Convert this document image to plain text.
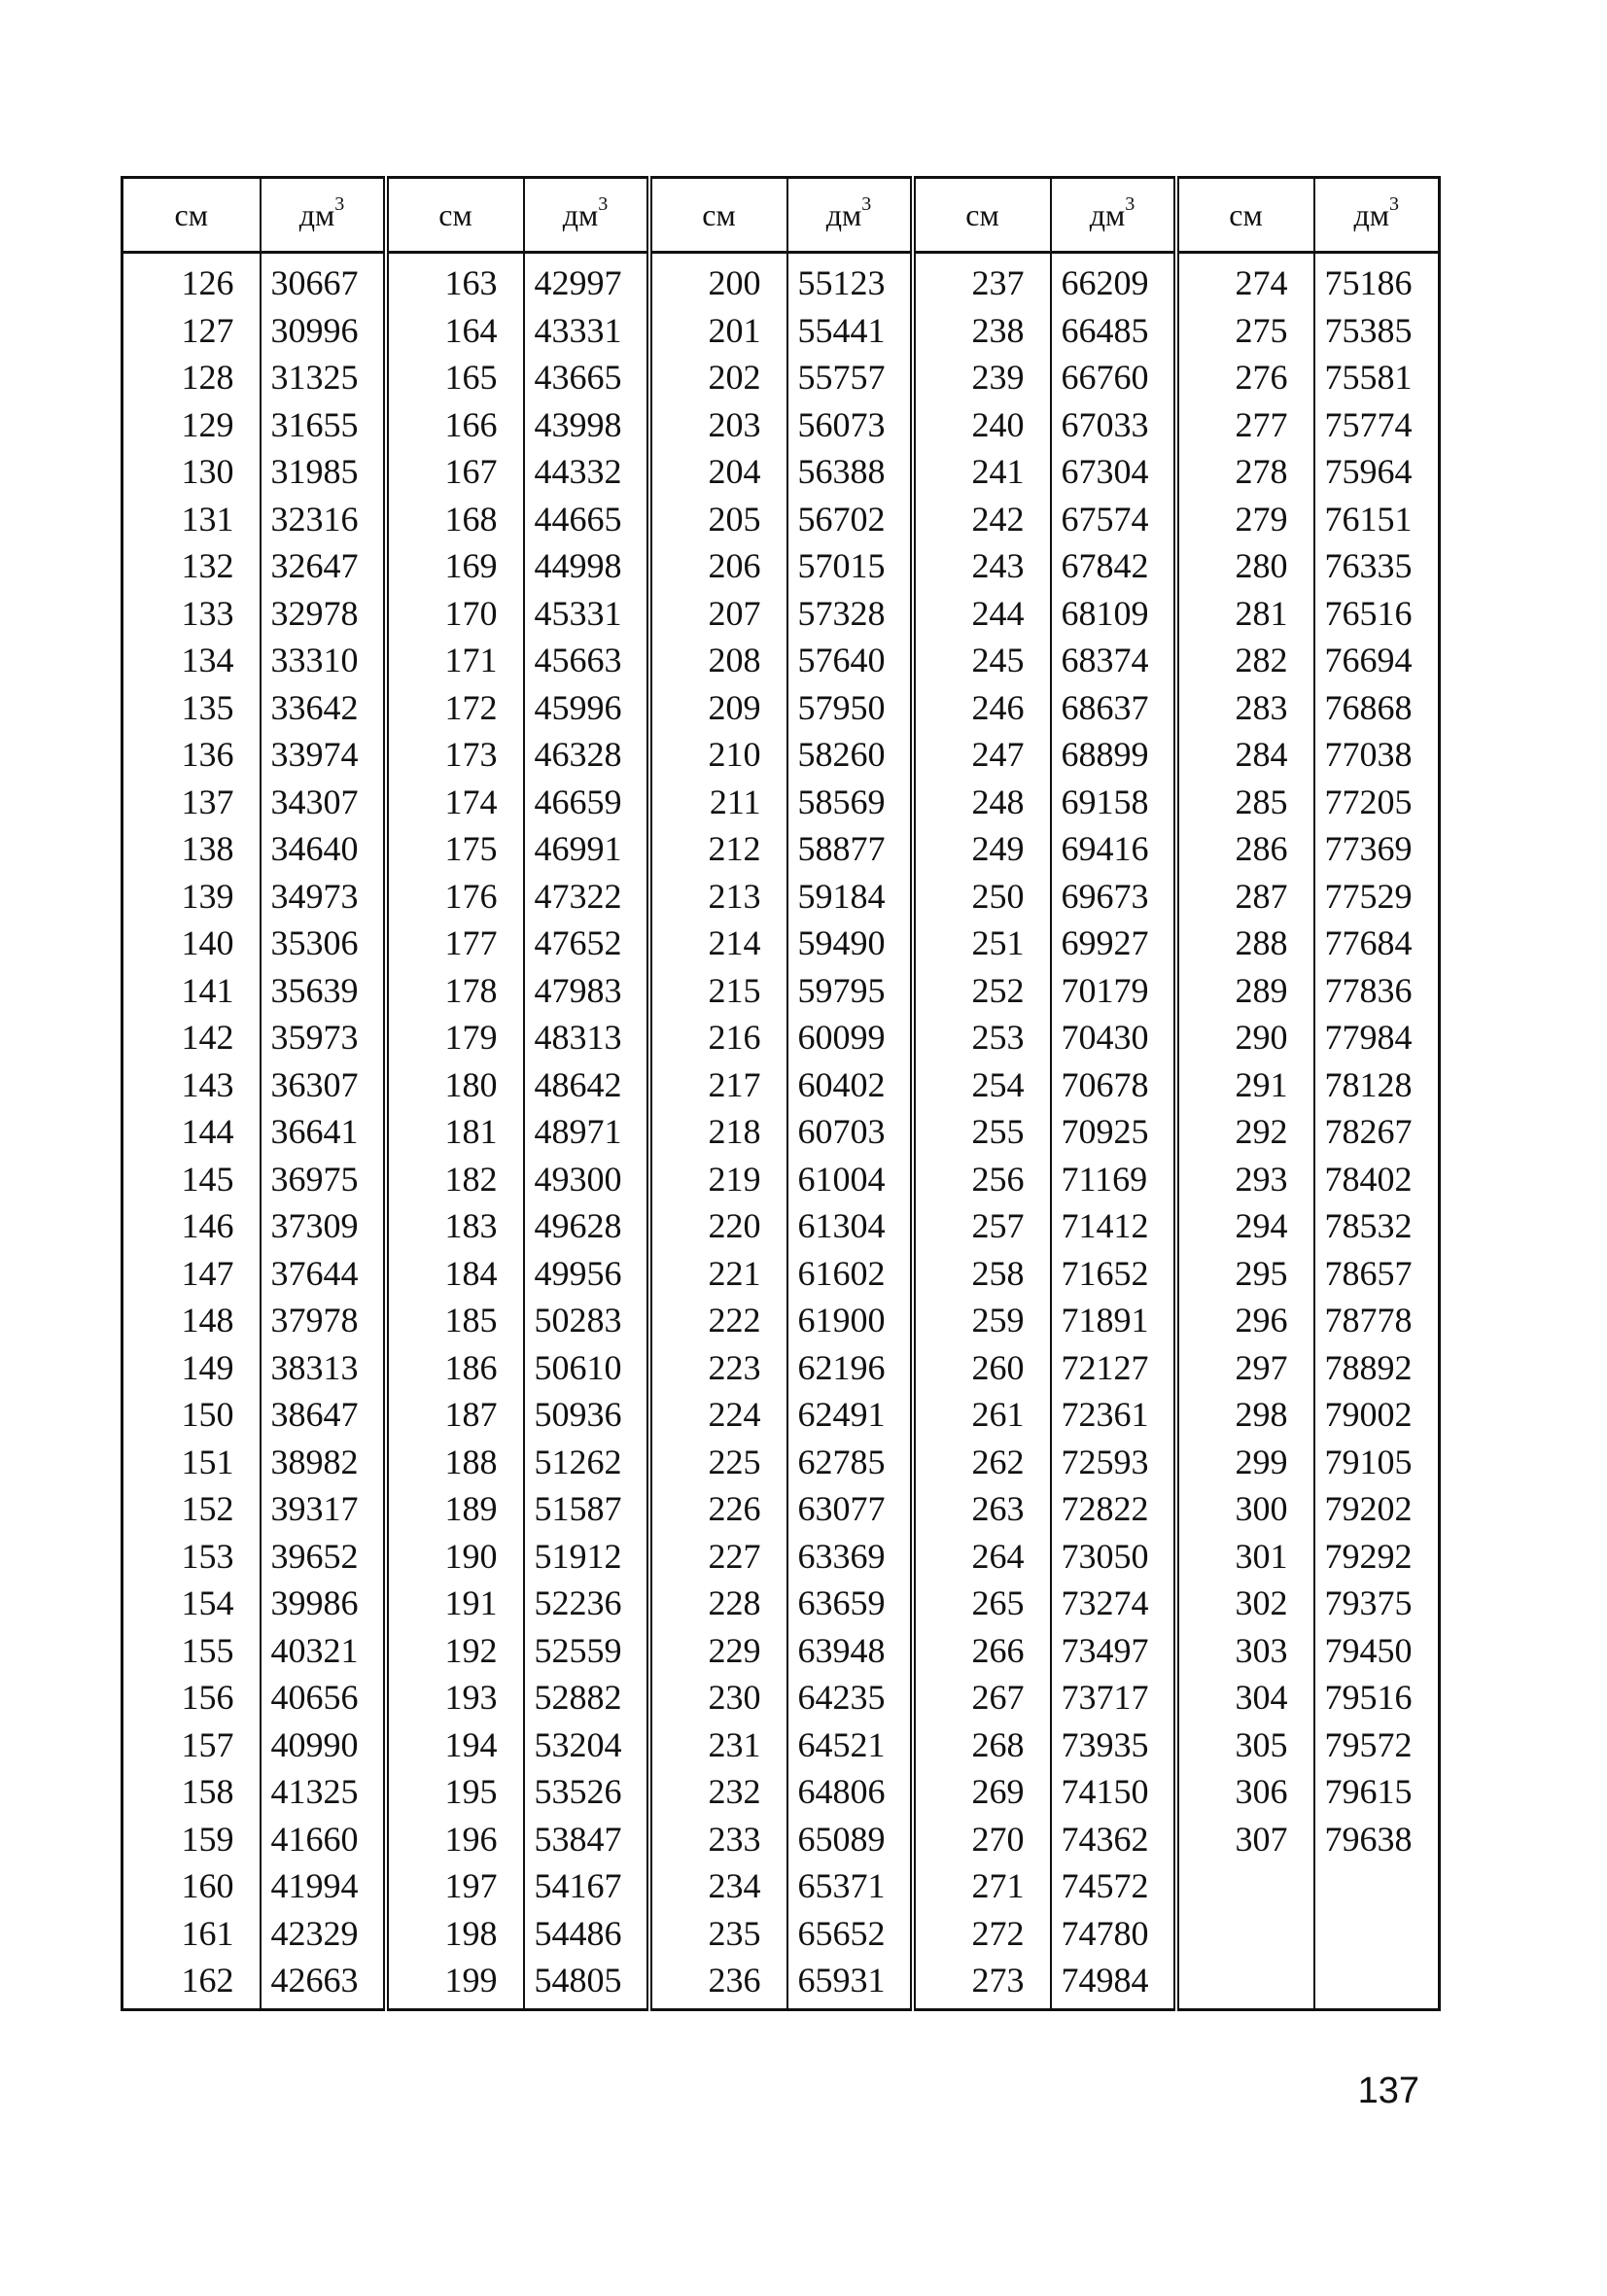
см	$дм^3$	см	$дм^3$	см	$дм^3$	см	$дм^3$	см	$дм^3$
126	30667	163	42997	200	55123	237	66209	274	75186
127	30996	164	43331	201	55441	238	66485	275	75385
128	31325	165	43665	202	55757	239	66760	276	75581
129	31655	166	43998	203	56073	240	67033	277	75774
130	31985	167	44332	204	56388	241	67304	278	75964
131	32316	168	44665	205	56702	242	67574	279	76151
132	32647	169	44998	206	57015	243	67842	280	76335
133	32978	170	45331	207	57328	244	68109	281	76516
134	33310	171	45663	208	57640	245	68374	282	76694
135	33642	172	45996	209	57950	246	68637	283	76868
136	33974	173	46328	210	58260	247	68899	284	77038
137	34307	174	46659	211	58569	248	69158	285	77205
138	34640	175	46991	212	58877	249	69416	286	77369
139	34973	176	47322	213	59184	250	69673	287	77529
140	35306	177	47652	214	59490	251	69927	288	77684
141	35639	178	47983	215	59795	252	70179	289	77836
142	35973	179	48313	216	60099	253	70430	290	77984
143	36307	180	48642	217	60402	254	70678	291	78128
144	36641	181	48971	218	60703	255	70925	292	78267
145	36975	182	49300	219	61004	256	71169	293	78402
146	37309	183	49628	220	61304	257	71412	294	78532
147	37644	184	49956	221	61602	258	71652	295	78657
148	37978	185	50283	222	61900	259	71891	296	78778
149	38313	186	50610	223	62196	260	72127	297	78892
150	38647	187	50936	224	62491	261	72361	298	79002
151	38982	188	51262	225	62785	262	72593	299	79105
152	39317	189	51587	226	63077	263	72822	300	79202
153	39652	190	51912	227	63369	264	73050	301	79292
154	39986	191	52236	228	63659	265	73274	302	79375
155	40321	192	52559	229	63948	266	73497	303	79450
156	40656	193	52882	230	64235	267	73717	304	79516
157	40990	194	53204	231	64521	268	73935	305	79572
158	41325	195	53526	232	64806	269	74150	306	79615
159	41660	196	53847	233	65089	270	74362	307	79638
160	41994	197	54167	234	65371	271	74572		
161	42329	198	54486	235	65652	272	74780		
162	42663	199	54805	236	65931	273	74984		
137
